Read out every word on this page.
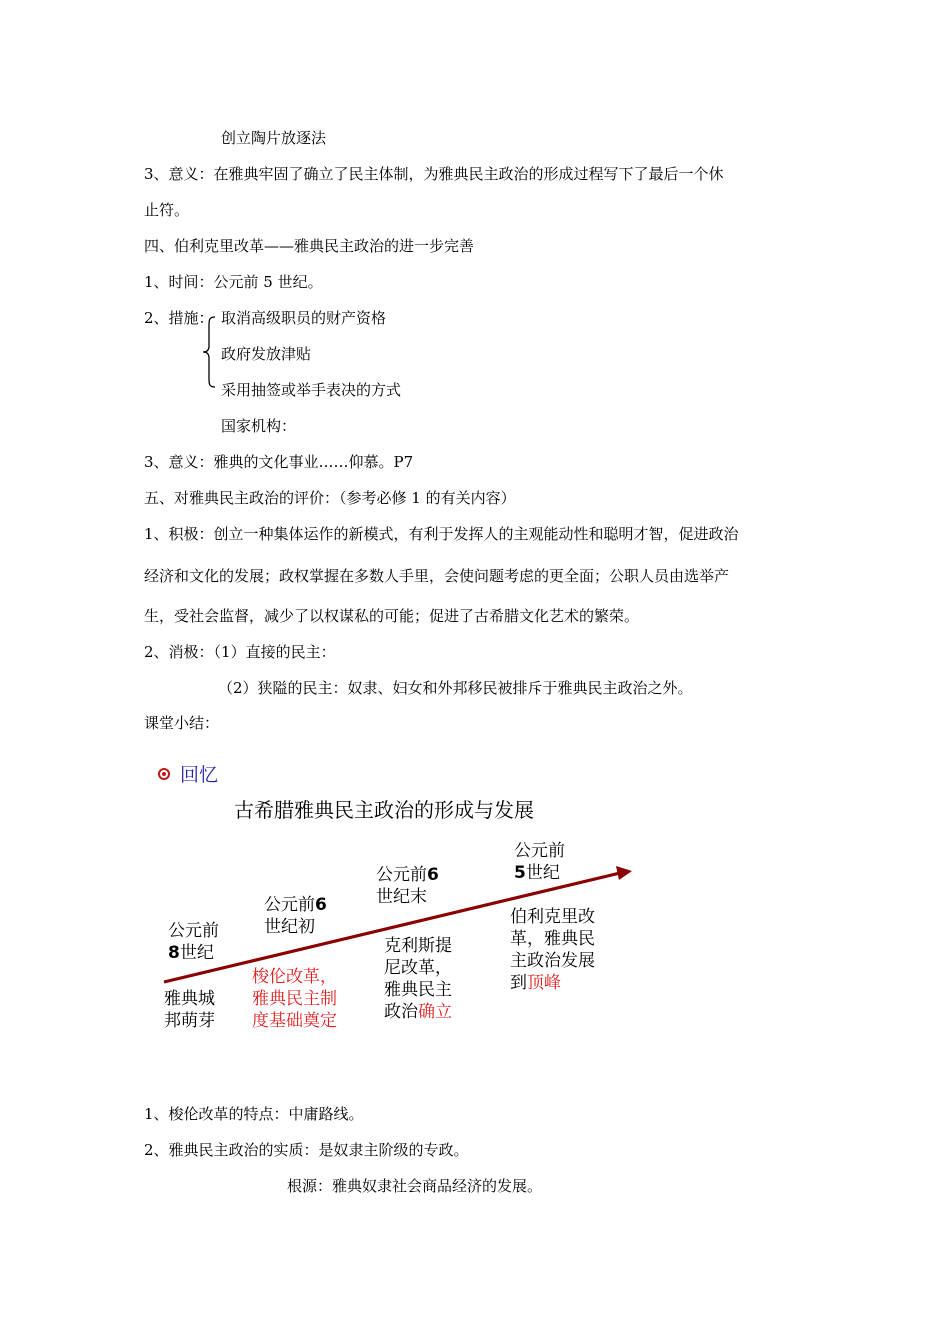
创立陶片放逐法
3、意义：在雅典牢固了确立了民主体制，为雅典民主政治的形成过程写下了最后一个休
止符。
四、伯利克里改革——雅典民主政治的进一步完善
1、时间：公元前 5 世纪。
2、措施： 取消高级职员的财产资格
政府发放津贴
采用抽签或举手表决的方式
国家机构：
3、意义：雅典的文化事业……仰慕。P7
五、对雅典民主政治的评价：（参考必修 1 的有关内容）
1、积极：创立一种集体运作的新模式，有利于发挥人的主观能动性和聪明才智，促进政治
经济和文化的发展；政权掌握在多数人手里，会使问题考虑的更全面；公职人员由选举产
生，受社会监督，减少了以权谋私的可能；促进了古希腊文化艺术的繁荣。
2、消极：（1）直接的民主：
（2）狭隘的民主：奴隶、妇女和外邦移民被排斥于雅典民主政治之外。
课堂小结：
回忆
古希腊雅典民主政治的形成与发展
公元前
8世纪
雅典城
邦萌芽
公元前6
世纪初
梭伦改革，
雅典民主制
度基础奠定
公元前6
世纪末
克利斯提
尼改革，
雅典民主
政治确立
公元前
5世纪
伯利克里改
革，雅典民
主政治发展
到顶峰
1、梭伦改革的特点：中庸路线。
2、雅典民主政治的实质：是奴隶主阶级的专政。
根源：雅典奴隶社会商品经济的发展。
